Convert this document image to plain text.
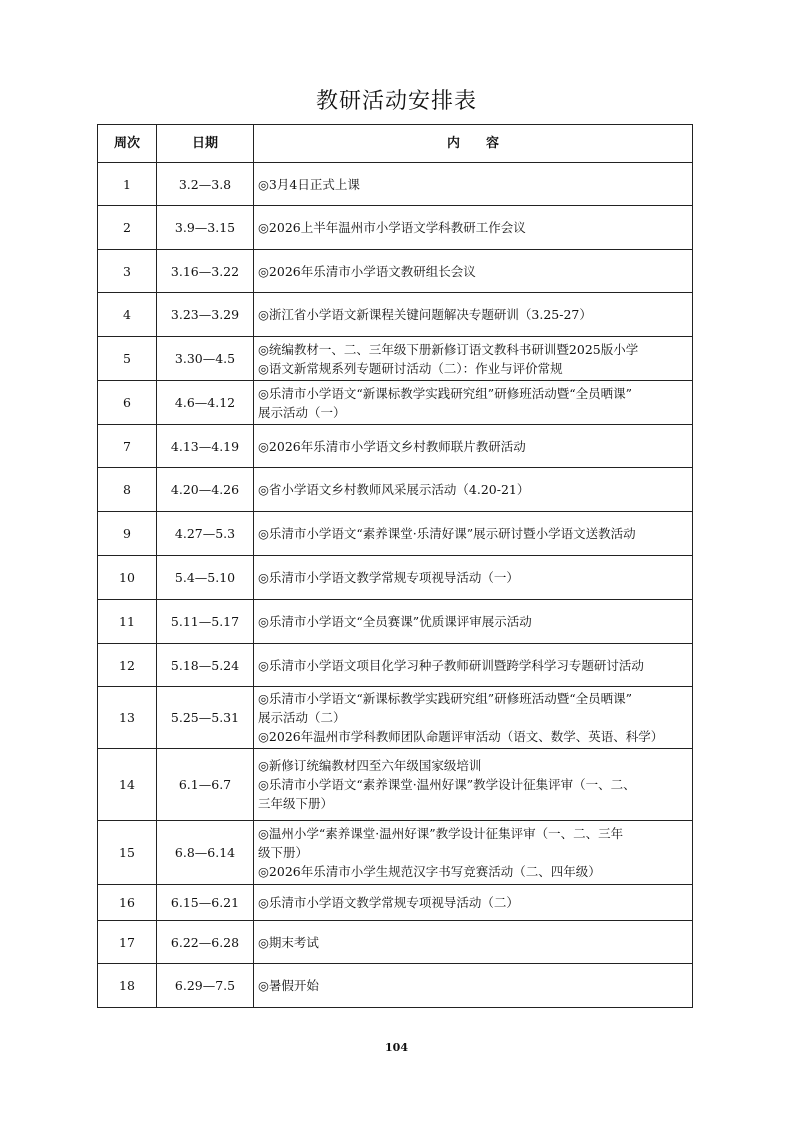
教研活动安排表
周次	日期	内容
1	3.2—3.8	◎3月4日正式上课

2	3.9—3.15	◎2026上半年温州市小学语文学科教研工作会议

3	3.16—3.22	◎2026年乐清市小学语文教研组长会议

4	3.23—3.29	◎浙江省小学语文新课程关键问题解决专题研训（3.25-27）

5	3.30—4.5	◎统编教材一、二、三年级下册新修订语文教科书研训暨2025版小学
◎语文新常规系列专题研讨活动（二）：作业与评价常规

6	4.6—4.12	◎乐清市小学语文“新课标教学实践研究组”研修班活动暨“全员晒课”
展示活动（一）

7	4.13—4.19	◎2026年乐清市小学语文乡村教师联片教研活动

8	4.20—4.26	◎省小学语文乡村教师风采展示活动（4.20-21）

9	4.27—5.3	◎乐清市小学语文“素养课堂·乐清好课”展示研讨暨小学语文送教活动

10	5.4—5.10	◎乐清市小学语文教学常规专项视导活动（一）

11	5.11—5.17	◎乐清市小学语文“全员赛课”优质课评审展示活动

12	5.18—5.24	◎乐清市小学语文项目化学习种子教师研训暨跨学科学习专题研讨活动

13	5.25—5.31	◎乐清市小学语文“新课标教学实践研究组”研修班活动暨“全员晒课”
展示活动（二）
◎2026年温州市学科教师团队命题评审活动（语文、数学、英语、科学）

14	6.1—6.7	◎新修订统编教材四至六年级国家级培训
◎乐清市小学语文“素养课堂·温州好课”教学设计征集评审（一、二、
三年级下册）

15	6.8—6.14	◎温州小学“素养课堂·温州好课”教学设计征集评审（一、二、三年
级下册）
◎2026年乐清市小学生规范汉字书写竞赛活动（二、四年级）

16	6.15—6.21	◎乐清市小学语文教学常规专项视导活动（二）

17	6.22—6.28	◎期末考试

18	6.29—7.5	◎暑假开始
104
